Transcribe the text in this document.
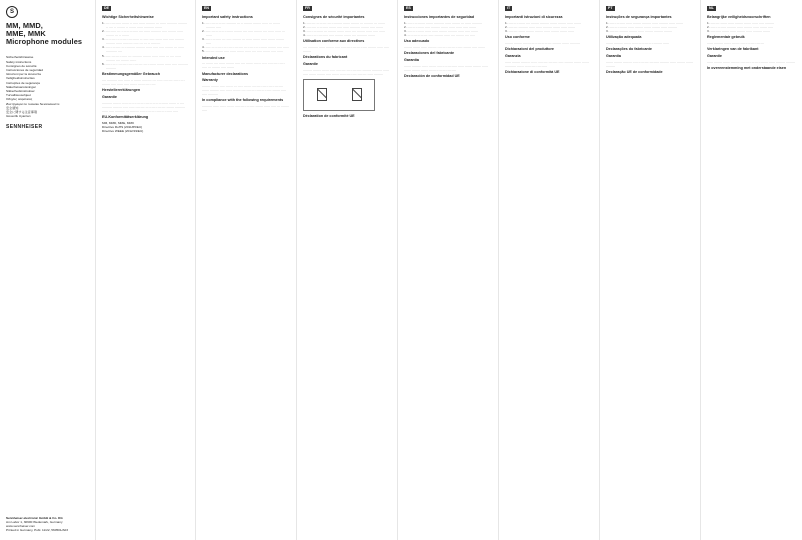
S
MM, MMD,
MME, MMK
Microphone modules
Sicherheitshinweise
Safety instructions
Consignes de sécurité
Instrucciones de seguridad
Istruzioni per la sicurezza
Veiligheidsinstructies
Instruções de segurança
Säkerhetsanvisningar
Sikkerhedsinstrukser
Turvallisuusohjeet
Οδηγίες ασφαλείας
Инструкции по технике безопасности
安全须知
安全に関する注意事項
Güvenlik Uyarıları
SENNHEISER
Sennheiser electronic GmbH & Co. KG
Am Labor 1, 30900 Wedemark, Germany
www.sennheiser.com
Printed in Germany, Publ. 11/22, 560501/A03
DE
Wichtige Sicherheitshinweise
1. ···· ·········· ······· ·· ····· ······ ········· ··· ······ ·········· ········· ·· ···· ·· ········ ·· ······· ······ ·········· ·······
2. ·········· ··· ·· ····· ········ ···· ······ ·········· ····· ········ ······ ········ ··· ·· ·······
3. ··· ······ ··· ······ ··········· ·· ····· ····· ······· ····· ····· ········· ········· ······ ·········· ····· ··· ··· ·· ·········
4. ······ ······· ··· ·········· ········· ······ ····· ····· ········ ··· ······ ··········· ····
5. ····· ······· ······· ··· ·········· ········ ······ ······ ··· ···· ······ ········· ···· ········ ······
6. ······ ··· ·· ······· ····· ········ ···· ········ ······· ······ ····· ·········· ··········
Bestimmungsgemäßer Gebrauch
···· ·········· ····· ······ ·· ······· ·········· ··· ······ ········ ······ ···· ········ ····· ······ ····· ······· ··········· ·····
Herstellererklärungen
Garantie
·········· ········ ········· ···· ······ ······· ····· ········· ······· ·· ···· ·········· ········· ····· ······ ········ ··· ······· ······· ········ ·········· ······ ····· ·········· ··· ········· ······· ······ ········ ······· ·····
EU-Konformitätserklärung
MM, MMD, MME, MMK
Directive RoHS (2011/65/EU)
Directive WEEE (2012/19/EU)
EN
Important safety instructions
1. ···· ······· ······ ·········· ··· ·· ········ ········ ······ ··· ······· ········· ·····
2. ····· ······ ····· ········ ········ ···· ····· ········ ···· ······ ······ ··· ······
3. ······ ········ ··· ····· ········· ··· ······ ······· ······ ······· ········ ·····
4. ····· ··· ······· ··· ······ ········ ··· ····· ···· ········ ········ ····· ······
5. ········ ········ ····· ······ ······· ······ ···· ····· ······· ····· ······
Intended use
··· ······· ···· ······ ········ ····· ···· ······· ······· ····· ········· ······ ····· ··· ········ ····· ·······
Manufacturer declarations
Warranty
········ ········ ····· ······· ··· ····· ······· ········ ······ ····· ········ ······· ········· ····· ······ ········ ···· ······· ········ ······ ········ ····· ····· ··········
In compliance with the following requirements
·········· ······ ······ ······· ·········· ······· ········ ······ ····· ··· ········ ·····
FR
Consignes de sécurité importantes
1. ········ ··· ······ ···· ·········· ······· ········ ··· ········· ··· ·······
2. ········· ·· ········ ······· ····· ······ ·········· ········ ····· ·······
3. ······ ········· ··· ········ ······· ······ ···· ········ ······ ····· ······
4. ······ ··· ·········· ····· ········ ······· ···· ·········· ·······
Utilisation conforme aux directives
···· ·········· ······ ········ ····· ·········· ······· ······ ········ ······ ····· ········
Déclarations du fabricant
Garantie
········· ········ ······· ····· ········· ····· ········ ········· ·········· ······ ····· ······· ········ ····· ······· ·········· ····· ········ ······ ·········
Déclaration de conformité UE
ES
Instrucciones importantes de seguridad
1. ······ ·········· ······· ·········· ······ ········ ··· ······ ··········
2. ······· ········ ····· ········· ······· ······ ······ ····· ·······
3. ······· ········ ······ ······ ········ ········· ······ ····· ·······
4. ··· ········ ······ ····· ········· ······ ···· ········ ···· ·····
Uso adecuado
········ ······· ······ ········· ······· ········ ······ ········ ····· ·······
Declaraciones del fabricante
Garantía
······· ········· ······ ······· ······· ··········· ······ ······· ········ ······ ······· ········ ······· ········· ······ ·········
Declaración de conformidad UE
IT
Importanti istruzioni di sicurezza
1. ······· ········ ···· ········ ········· ······· ········ ······ ·······
2. ········ ·········· ······ ······ ········· ······· ······ ·······
3. ········ ······· ········ ········ ······ ········ ······· ······
Uso conforme
········ ········ ··········· ········ ······ ········· ······· ··········
Dichiarazioni del produttore
Garanzia
······ ········ ········· ······ ········· ········ ····· ········· ······· ······· ··········· ······· ·········· ··········
Dichiarazione di conformità UE
PT
Instruções de segurança importantes
1. ······ ········ ······ ········ ········· ······ ········· ······ ·······
2. ······· ········· ······ ········ ······· ········ ······ ·········
3. ········ ········· ········ ······ ········ ········· ········
Utilização adequada
······· ········· ······· ········· ········ ·········· ······
Declarações do fabricante
Garantia
······· ········ ········· ······· ······· ········· ········· ······ ········ ······· ·········
Declaração UE de conformidade
NL
Belangrijke veiligheidsvoorschriften
1. ········ ······· ······ ········ ······· ······ ····· ·········
2. ······ ········ ········· ······ ········ ······ ······· ·····
3. ·········· ······· ······ ········ ······ ········· ·······
Reglementair gebruik
······ ········· ······· ········ ······ ······ ········
Verklaringen van de fabrikant
Garantie
······ ········ ······· ········· ········· ······ ········· ······ ········· ·········
In overeenstemming met onderstaande eisen
